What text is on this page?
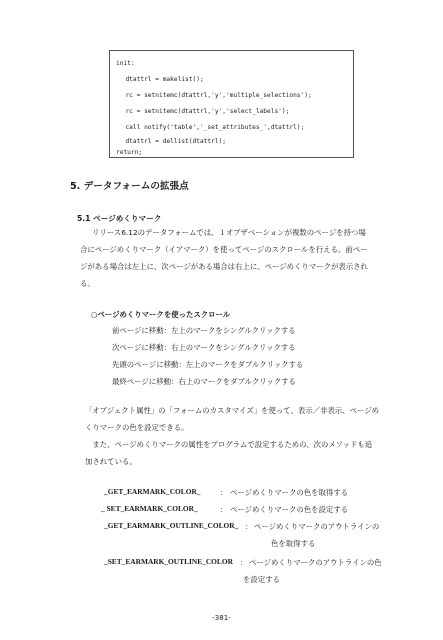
init:
dtattrl = makelist();
rc = setnitemc(dtattrl,'y','multiple_selections');
rc = setnitemc(dtattrl,'y','select_labels');
call notify('table','_set_attributes_',dtattrl);
dtattrl = dellist(dtattrl);
return;
5. データフォームの拡張点
5.1 ページめくりマーク
リリース6.12のデータフォームでは、１オブザベーションが複数のページを持つ場
合にページめくりマーク（イアマーク）を使ってページのスクロールを行える。前ペー
ジがある場合は左上に、次ページがある場合は右上に、ページめくりマークが表示され
る。
○ページめくりマークを使ったスクロール
前ページに移動：左上のマークをシングルクリックする
次ページに移動：右上のマークをシングルクリックする
先頭のページに移動：左上のマークをダブルクリックする
最終ページに移動：右上のマークをダブルクリックする
「オブジェクト属性」の「フォームのカスタマイズ」を使って、表示／非表示、ページめ
くりマークの色を設定できる。
　また、ページめくりマークの属性をプログラムで設定するための、次のメソッドも追
加されている。
_GET_EARMARK_COLOR_	： ページめくりマークの色を取得する
_ SET_EARMARK_COLOR_	： ページめくりマークの色を設定する
_GET_EARMARK_OUTLINE_COLOR_ ： ページめくりマークのアウトラインの
色を取得する
_SET_EARMARK_OUTLINE_COLOR ： ページめくりマークのアウトラインの色
を設定する
-381-
